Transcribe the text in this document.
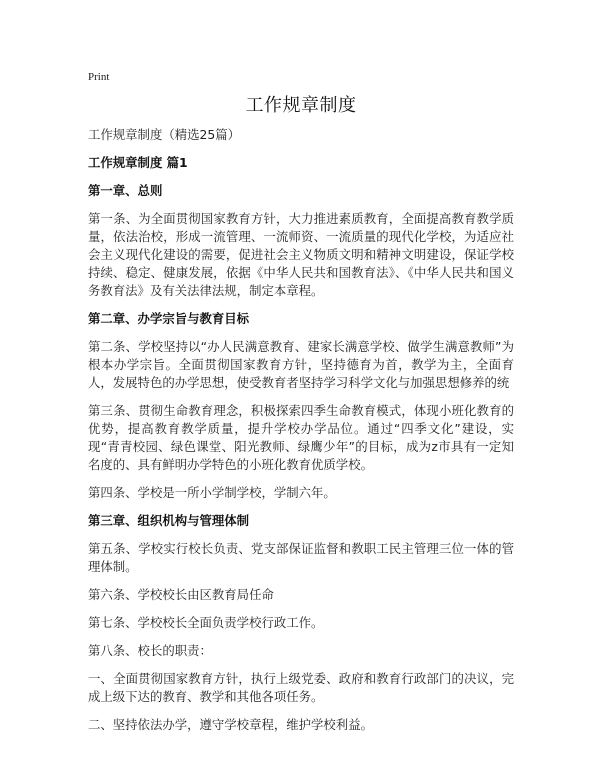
Print
工作规章制度

工作规章制度（精选25篇）

工作规章制度 篇1

第一章、总则

第一条、为全面贯彻国家教育方针，大力推进素质教育，全面提高教育教学质量，依法治校，形成一流管理、一流师资、一流质量的现代化学校，为适应社会主义现代化建设的需要，促进社会主义物质文明和精神文明建设，保证学校持续、稳定、健康发展，依据《中华人民共和国教育法》、《中华人民共和国义务教育法》及有关法律法规，制定本章程。

第二章、办学宗旨与教育目标

第二条、学校坚持以“办人民满意教育、建家长满意学校、做学生满意教师”为根本办学宗旨。全面贯彻国家教育方针，坚持德育为首，教学为主，全面育人，发展特色的办学思想，使受教育者坚持学习科学文化与加强思想修养的统

第三条、贯彻生命教育理念，积极探索四季生命教育模式，体现小班化教育的优势，提高教育教学质量，提升学校办学品位。通过“四季文化”建设，实现“青青校园、绿色课堂、阳光教师、绿鹰少年”的目标，成为z市具有一定知名度的、具有鲜明办学特色的小班化教育优质学校。

第四条、学校是一所小学制学校，学制六年。

第三章、组织机构与管理体制

第五条、学校实行校长负责、党支部保证监督和教职工民主管理三位一体的管理体制。

第六条、学校校长由区教育局任命

第七条、学校校长全面负责学校行政工作。

第八条、校长的职责：

一、全面贯彻国家教育方针，执行上级党委、政府和教育行政部门的决议，完成上级下达的教育、教学和其他各项任务。

二、坚持依法办学，遵守学校章程，维护学校利益。
